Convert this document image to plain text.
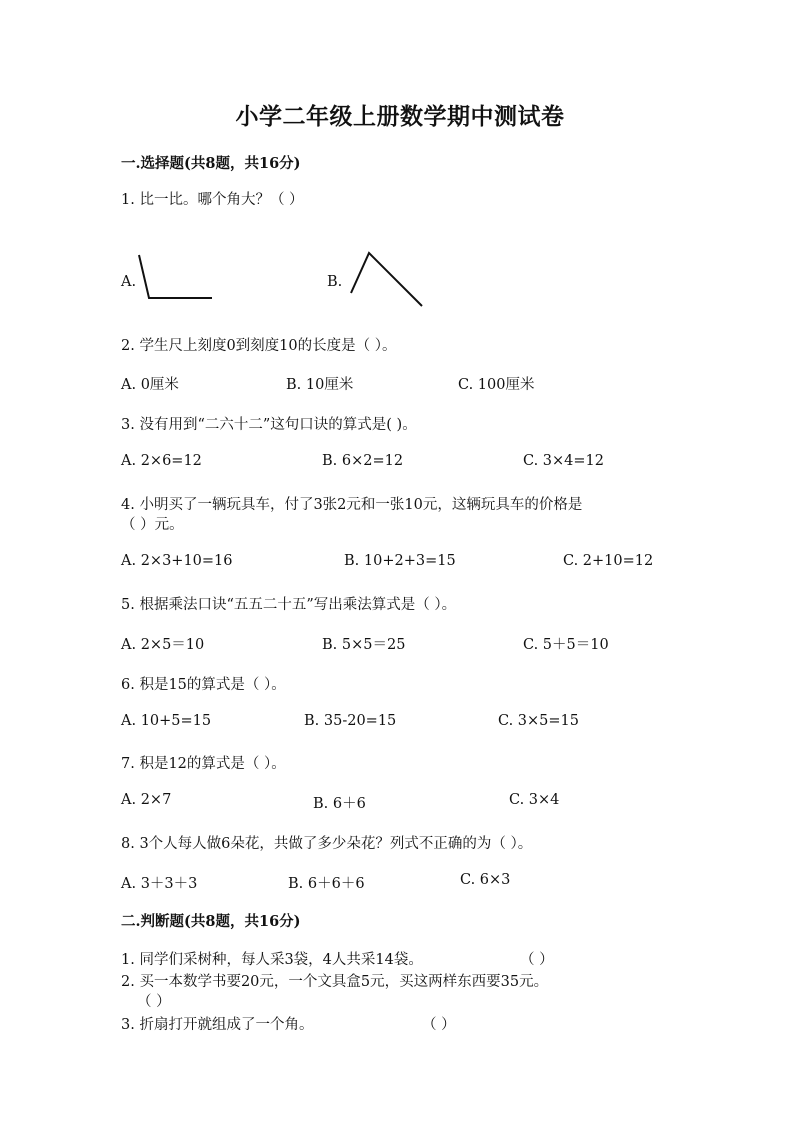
小学二年级上册数学期中测试卷
一.选择题(共8题，共16分)
1. 比一比。哪个角大？（ ）
A.	B.
2. 学生尺上刻度0到刻度10的长度是（ ）。
A. 0厘米	B. 10厘米	C. 100厘米
3. 没有用到“二六十二”这句口诀的算式是( )。
A. 2×6=12	B. 6×2=12	C. 3×4=12
4. 小明买了一辆玩具车，付了3张2元和一张10元，这辆玩具车的价格是
（ ）元。
A. 2×3+10=16	B. 10+2+3=15	C. 2+10=12
5. 根据乘法口诀“五五二十五”写出乘法算式是（ ）。
A. 2×5＝10	B. 5×5＝25	C. 5＋5＝10
6. 积是15的算式是（ ）。
A. 10+5=15	B. 35-20=15	C. 3×5=15
7. 积是12的算式是（ ）。
A. 2×7	B. 6＋6	C. 3×4
8. 3个人每人做6朵花，共做了多少朵花？列式不正确的为（ ）。
A. 3＋3＋3	B. 6＋6＋6	C. 6×3
二.判断题(共8题，共16分)
1. 同学们采树种，每人采3袋，4人共采14袋。	（ ）
2. 买一本数学书要20元，一个文具盒5元，买这两样东西要35元。
（ ）
3. 折扇打开就组成了一个角。	（ ）
